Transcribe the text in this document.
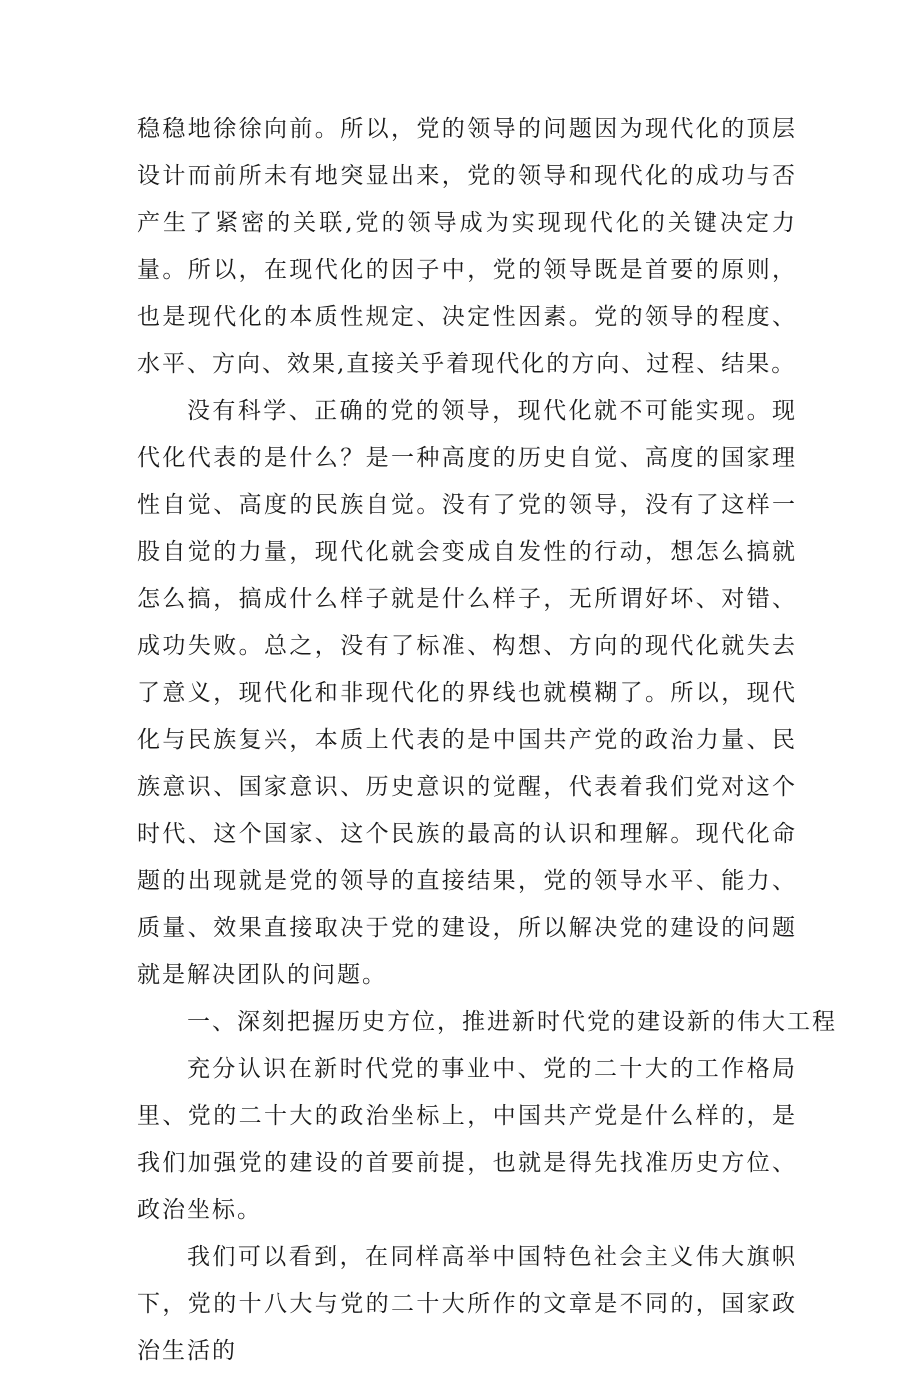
稳稳地徐徐向前。所以，党的领导的问题因为现代化的顶层设计而前所未有地突显出来，党的领导和现代化的成功与否产生了紧密的关联,党的领导成为实现现代化的关键决定力量。所以，在现代化的因子中，党的领导既是首要的原则，也是现代化的本质性规定、决定性因素。党的领导的程度、水平、方向、效果,直接关乎着现代化的方向、过程、结果。

没有科学、正确的党的领导，现代化就不可能实现。现代化代表的是什么？是一种高度的历史自觉、高度的国家理性自觉、高度的民族自觉。没有了党的领导，没有了这样一股自觉的力量，现代化就会变成自发性的行动，想怎么搞就怎么搞，搞成什么样子就是什么样子，无所谓好坏、对错、成功失败。总之，没有了标准、构想、方向的现代化就失去了意义，现代化和非现代化的界线也就模糊了。所以，现代化与民族复兴，本质上代表的是中国共产党的政治力量、民族意识、国家意识、历史意识的觉醒，代表着我们党对这个时代、这个国家、这个民族的最高的认识和理解。现代化命题的出现就是党的领导的直接结果，党的领导水平、能力、质量、效果直接取决于党的建设，所以解决党的建设的问题就是解决团队的问题。

一、深刻把握历史方位，推进新时代党的建设新的伟大工程

充分认识在新时代党的事业中、党的二十大的工作格局里、党的二十大的政治坐标上，中国共产党是什么样的，是我们加强党的建设的首要前提，也就是得先找准历史方位、政治坐标。

我们可以看到，在同样高举中国特色社会主义伟大旗帜下，党的十八大与党的二十大所作的文章是不同的，国家政治生活的
